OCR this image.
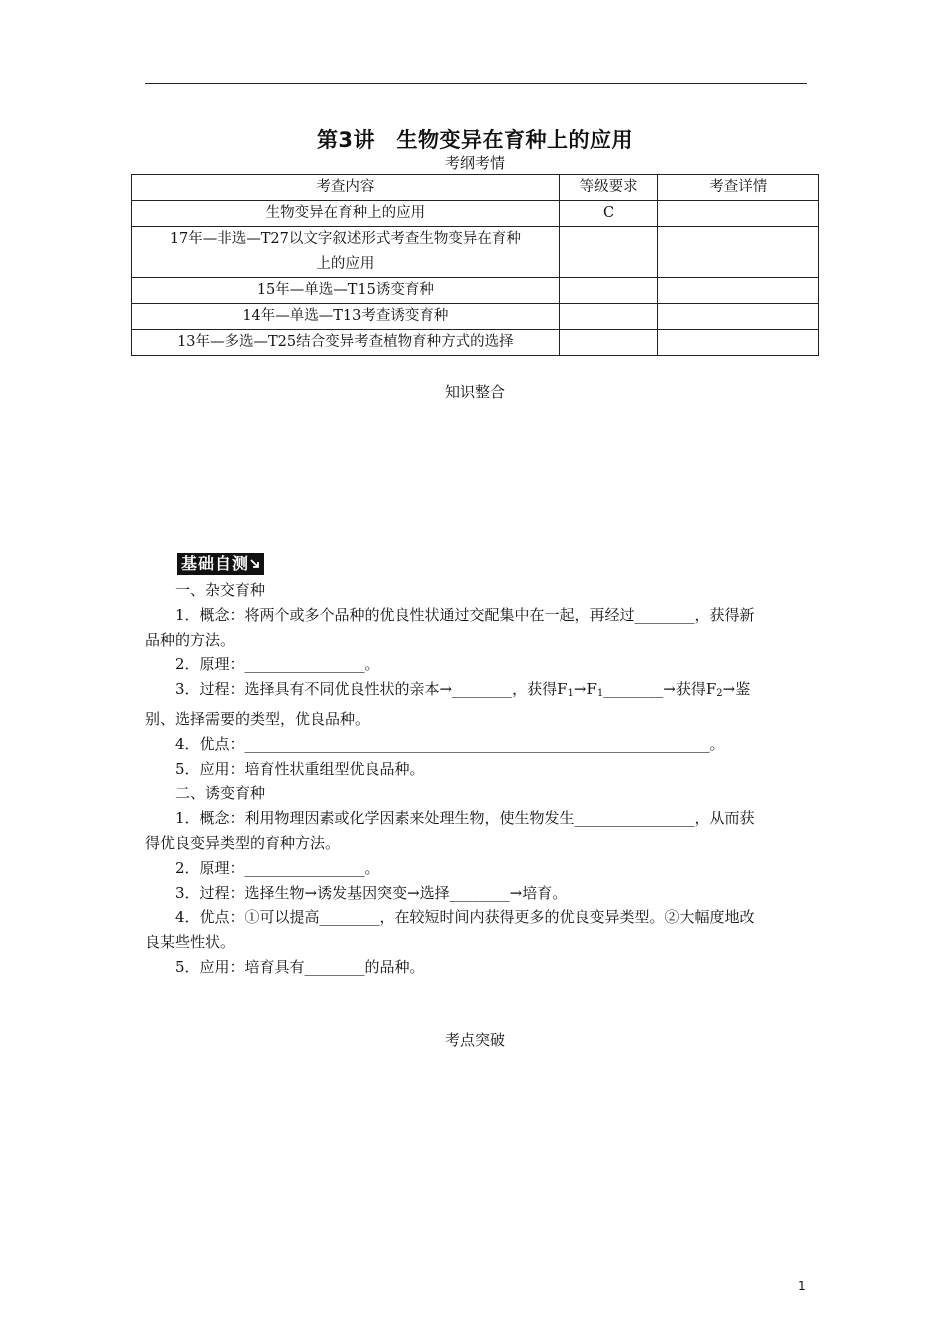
第3讲　生物变异在育种上的应用
考纲考情
考查内容	等级要求	考查详情
生物变异在育种上的应用	C	

17年—非选—T27以文字叙述形式考查生物变异在育种
上的应用		

15年—单选—T15诱变育种		
14年—单选—T13考查诱变育种		
13年—多选—T25结合变异考查植物育种方式的选择		
知识整合
基础自测
一、杂交育种
1．概念：将两个或多个品种的优良性状通过交配集中在一起，再经过________，获得新
品种的方法。
2．原理：________________。
3．过程：选择具有不同优良性状的亲本→________，获得$F_1\to F_1\_\_\_\_\_\_\_\_\to$获得$F_2\to$鉴
别、选择需要的类型，优良品种。
4．优点：______________________________________________________________。
5．应用：培育性状重组型优良品种。
二、诱变育种
1．概念：利用物理因素或化学因素来处理生物，使生物发生________________，从而获
得优良变异类型的育种方法。
2．原理：________________。
3．过程：选择生物→诱发基因突变→选择________→培育。
4．优点：①可以提高________，在较短时间内获得更多的优良变异类型。②大幅度地改
良某些性状。
5．应用：培育具有________的品种。
考点突破
1
